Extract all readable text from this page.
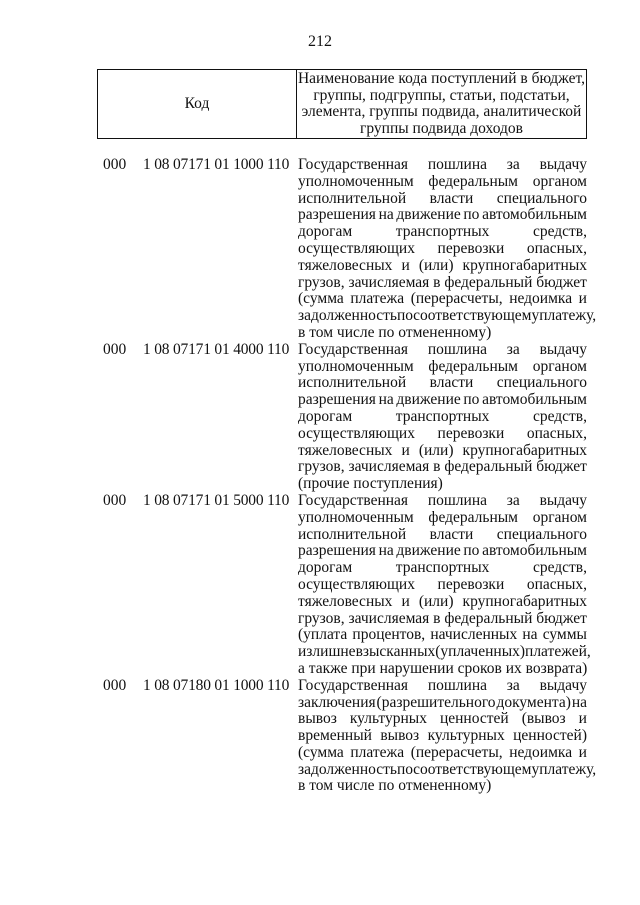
212
Код
Наименование кода поступлений в бюджет, группы, подгруппы, статьи, подстатьи, элемента, группы подвида, аналитической группы подвида доходов
000 1 08 07171 01 1000 110 Государственная пошлина за выдачу
уполномоченным федеральным органом
исполнительной власти специального
разрешения на движение по автомобильным
дорогам	транспортных	средств,
осуществляющих перевозки опасных,
тяжеловесных и (или) крупногабаритных
грузов, зачисляемая в федеральный бюджет
(сумма платежа (перерасчеты, недоимка и
задолженность по соответствующему платежу,
в том числе по отмененному)
000 1 08 07171 01 4000 110 Государственная пошлина за выдачу
уполномоченным федеральным органом
исполнительной власти специального
разрешения на движение по автомобильным
дорогам	транспортных	средств,
осуществляющих перевозки опасных,
тяжеловесных и (или) крупногабаритных
грузов, зачисляемая в федеральный бюджет
(прочие поступления)
000 1 08 07171 01 5000 110 Государственная пошлина за выдачу
уполномоченным федеральным органом
исполнительной власти специального
разрешения на движение по автомобильным
дорогам	транспортных	средств,
осуществляющих перевозки опасных,
тяжеловесных и (или) крупногабаритных
грузов, зачисляемая в федеральный бюджет
(уплата процентов, начисленных на суммы
излишне взысканных (уплаченных) платежей,
а также при нарушении сроков их возврата)
000 1 08 07180 01 1000 110 Государственная пошлина за выдачу
заключения (разрешительного документа) на
вывоз культурных ценностей (вывоз и
временный вывоз культурных ценностей)
(сумма платежа (перерасчеты, недоимка и
задолженность по соответствующему платежу,
в том числе по отмененному)
